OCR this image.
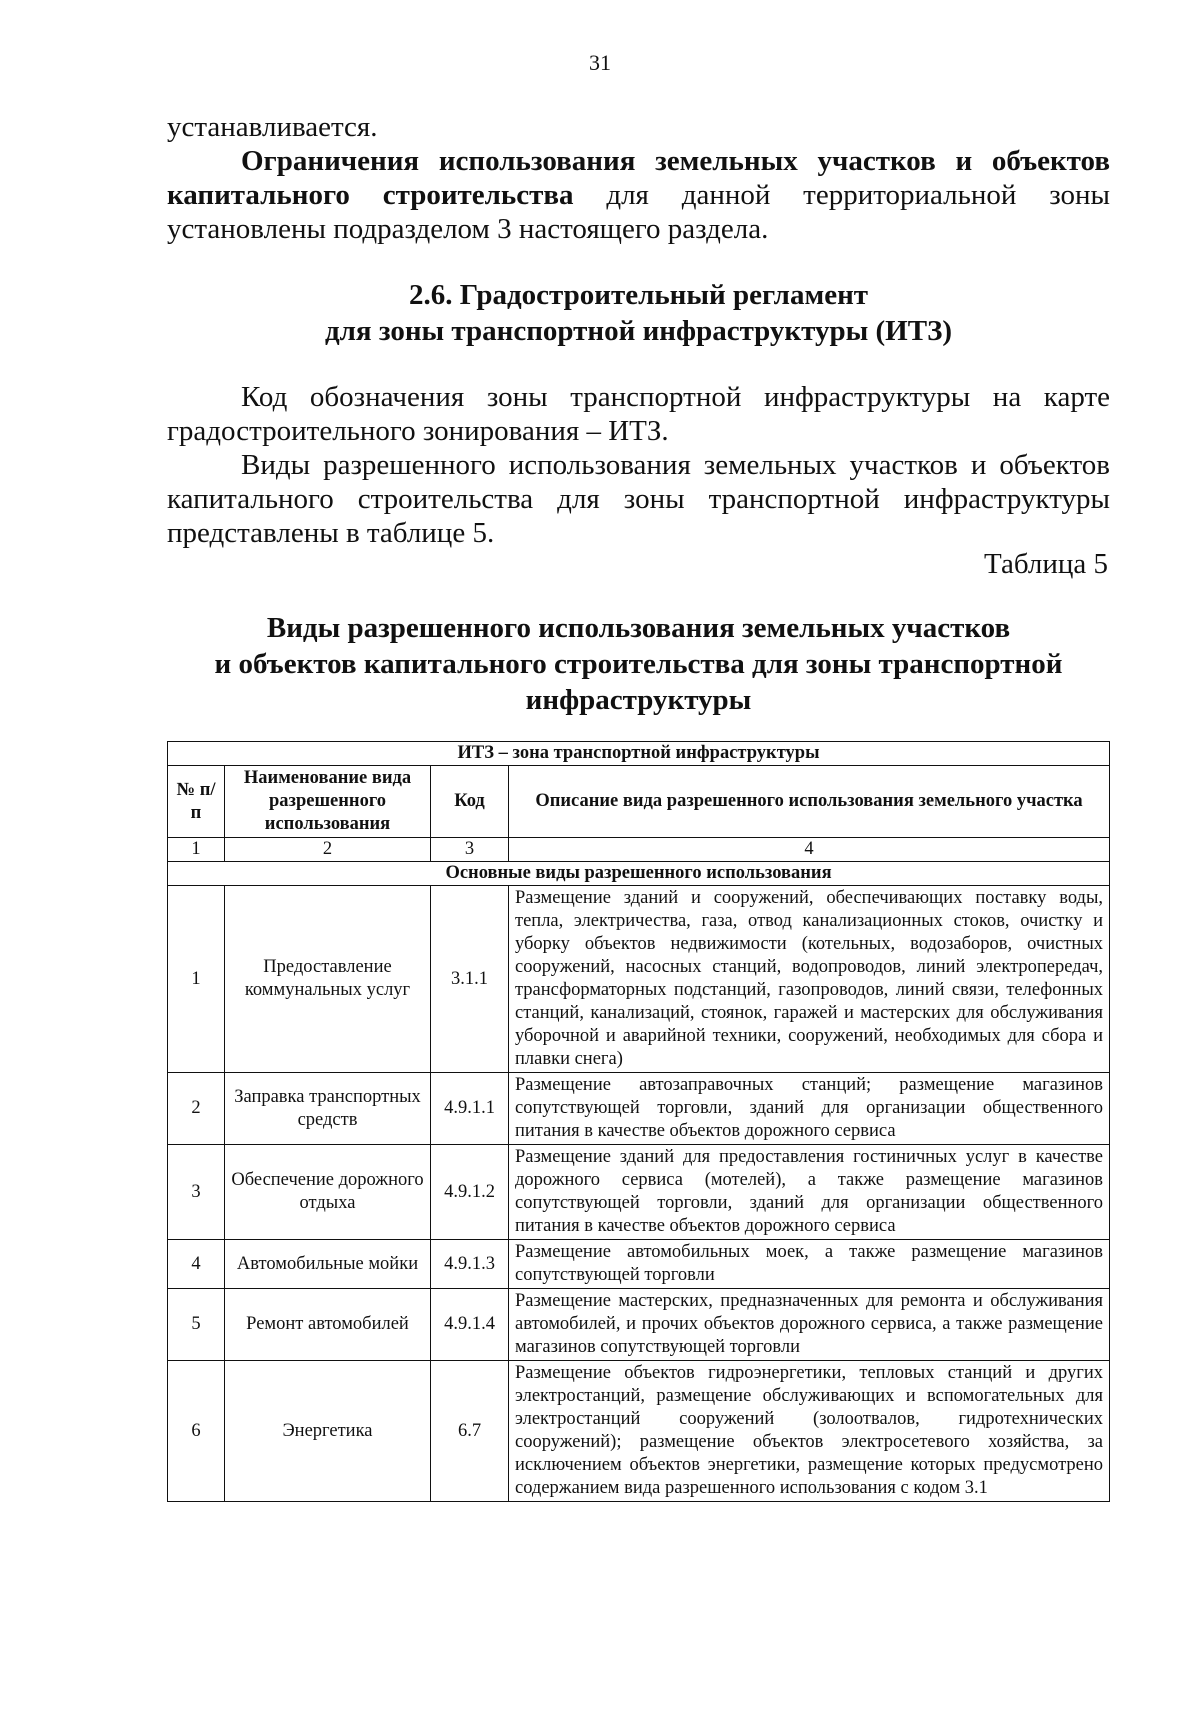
31
устанавливается.
Ограничения использования земельных участков и объектов капитального строительства для данной территориальной зоны установлены подразделом 3 настоящего раздела.
2.6. Градостроительный регламент
для зоны транспортной инфраструктуры (ИТЗ)
Код обозначения зоны транспортной инфраструктуры на карте градостроительного зонирования – ИТЗ.
Виды разрешенного использования земельных участков и объектов капитального строительства для зоны транспортной инфраструктуры представлены в таблице 5.
Таблица 5
Виды разрешенного использования земельных участков
и объектов капитального строительства для зоны транспортной
инфраструктуры
ИТЗ – зона транспортной инфраструктуры			
№ п/п	Наименование вида разрешенного использования	Код	Описание вида разрешенного использования земельного участка
1	2	3	4
Основные виды разрешенного использования			
1	Предоставление коммунальных услуг	3.1.1	Размещение зданий и сооружений, обеспечивающих поставку воды, тепла, электричества, газа, отвод канализационных стоков, очистку и уборку объектов недвижимости (котельных, водозаборов, очистных сооружений, насосных станций, водопроводов, линий электропередач, трансформаторных подстанций, газопроводов, линий связи, телефонных станций, канализаций, стоянок, гаражей и мастерских для обслуживания уборочной и аварийной техники, сооружений, необходимых для сбора и плавки снега)
2	Заправка транспортных средств	4.9.1.1	Размещение автозаправочных станций; размещение магазинов сопутствующей торговли, зданий для организации общественного питания в качестве объектов дорожного сервиса
3	Обеспечение дорожного отдыха	4.9.1.2	Размещение зданий для предоставления гостиничных услуг в качестве дорожного сервиса (мотелей), а также размещение магазинов сопутствующей торговли, зданий для организации общественного питания в качестве объектов дорожного сервиса
4	Автомобильные мойки	4.9.1.3	Размещение автомобильных моек, а также размещение магазинов сопутствующей торговли
5	Ремонт автомобилей	4.9.1.4	Размещение мастерских, предназначенных для ремонта и обслуживания автомобилей, и прочих объектов дорожного сервиса, а также размещение магазинов сопутствующей торговли
6	Энергетика	6.7	Размещение объектов гидроэнергетики, тепловых станций и других электростанций, размещение обслуживающих и вспомогательных для электростанций сооружений (золоотвалов, гидротехнических сооружений); размещение объектов электросетевого хозяйства, за исключением объектов энергетики, размещение которых предусмотрено содержанием вида разрешенного использования с кодом 3.1
